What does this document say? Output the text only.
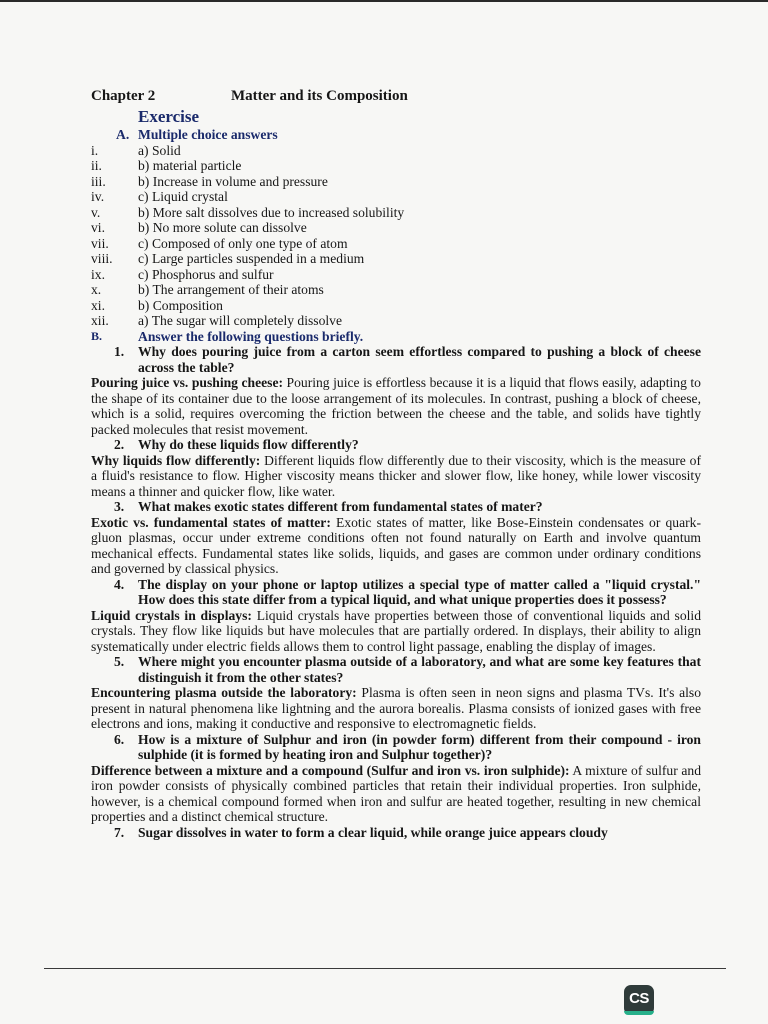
Chapter 2	Matter and its Composition
Exercise
A. Multiple choice answers
i.	a) Solid
ii.	b) material particle
iii. b) Increase in volume and pressure
iv. c) Liquid crystal
v.	b) More salt dissolves due to increased solubility
vi. b) No more solute can dissolve
vii. c) Composed of only one type of atom
viii. c) Large particles suspended in a medium
ix. c) Phosphorus and sulfur
x.	b) The arrangement of their atoms
xi. b) Composition
xii. a) The sugar will completely dissolve
B.	Answer the following questions briefly.
1. Why does pouring juice from a carton seem effortless compared to pushing a block of cheese across the table?
Pouring juice vs. pushing cheese: Pouring juice is effortless because it is a liquid that flows easily, adapting to the shape of its container due to the loose arrangement of its molecules. In contrast, pushing a block of cheese, which is a solid, requires overcoming the friction between the cheese and the table, and solids have tightly packed molecules that resist movement.
2. Why do these liquids flow differently?
Why liquids flow differently: Different liquids flow differently due to their viscosity, which is the measure of a fluid's resistance to flow. Higher viscosity means thicker and slower flow, like honey, while lower viscosity means a thinner and quicker flow, like water.
3. What makes exotic states different from fundamental states of mater?
Exotic vs. fundamental states of matter: Exotic states of matter, like Bose-Einstein condensates or quark-gluon plasmas, occur under extreme conditions often not found naturally on Earth and involve quantum mechanical effects. Fundamental states like solids, liquids, and gases are common under ordinary conditions and governed by classical physics.
4. The display on your phone or laptop utilizes a special type of matter called a "liquid crystal." How does this state differ from a typical liquid, and what unique properties does it possess?
Liquid crystals in displays: Liquid crystals have properties between those of conventional liquids and solid crystals. They flow like liquids but have molecules that are partially ordered. In displays, their ability to align systematically under electric fields allows them to control light passage, enabling the display of images.
5. Where might you encounter plasma outside of a laboratory, and what are some key features that distinguish it from the other states?
Encountering plasma outside the laboratory: Plasma is often seen in neon signs and plasma TVs. It's also present in natural phenomena like lightning and the aurora borealis. Plasma consists of ionized gases with free electrons and ions, making it conductive and responsive to electromagnetic fields.
6. How is a mixture of Sulphur and iron (in powder form) different from their compound - iron sulphide (it is formed by heating iron and Sulphur together)?
Difference between a mixture and a compound (Sulfur and iron vs. iron sulphide): A mixture of sulfur and iron powder consists of physically combined particles that retain their individual properties. Iron sulphide, however, is a chemical compound formed when iron and sulfur are heated together, resulting in new chemical properties and a distinct chemical structure.
7. Sugar dissolves in water to form a clear liquid, while orange juice appears cloudy
CS
